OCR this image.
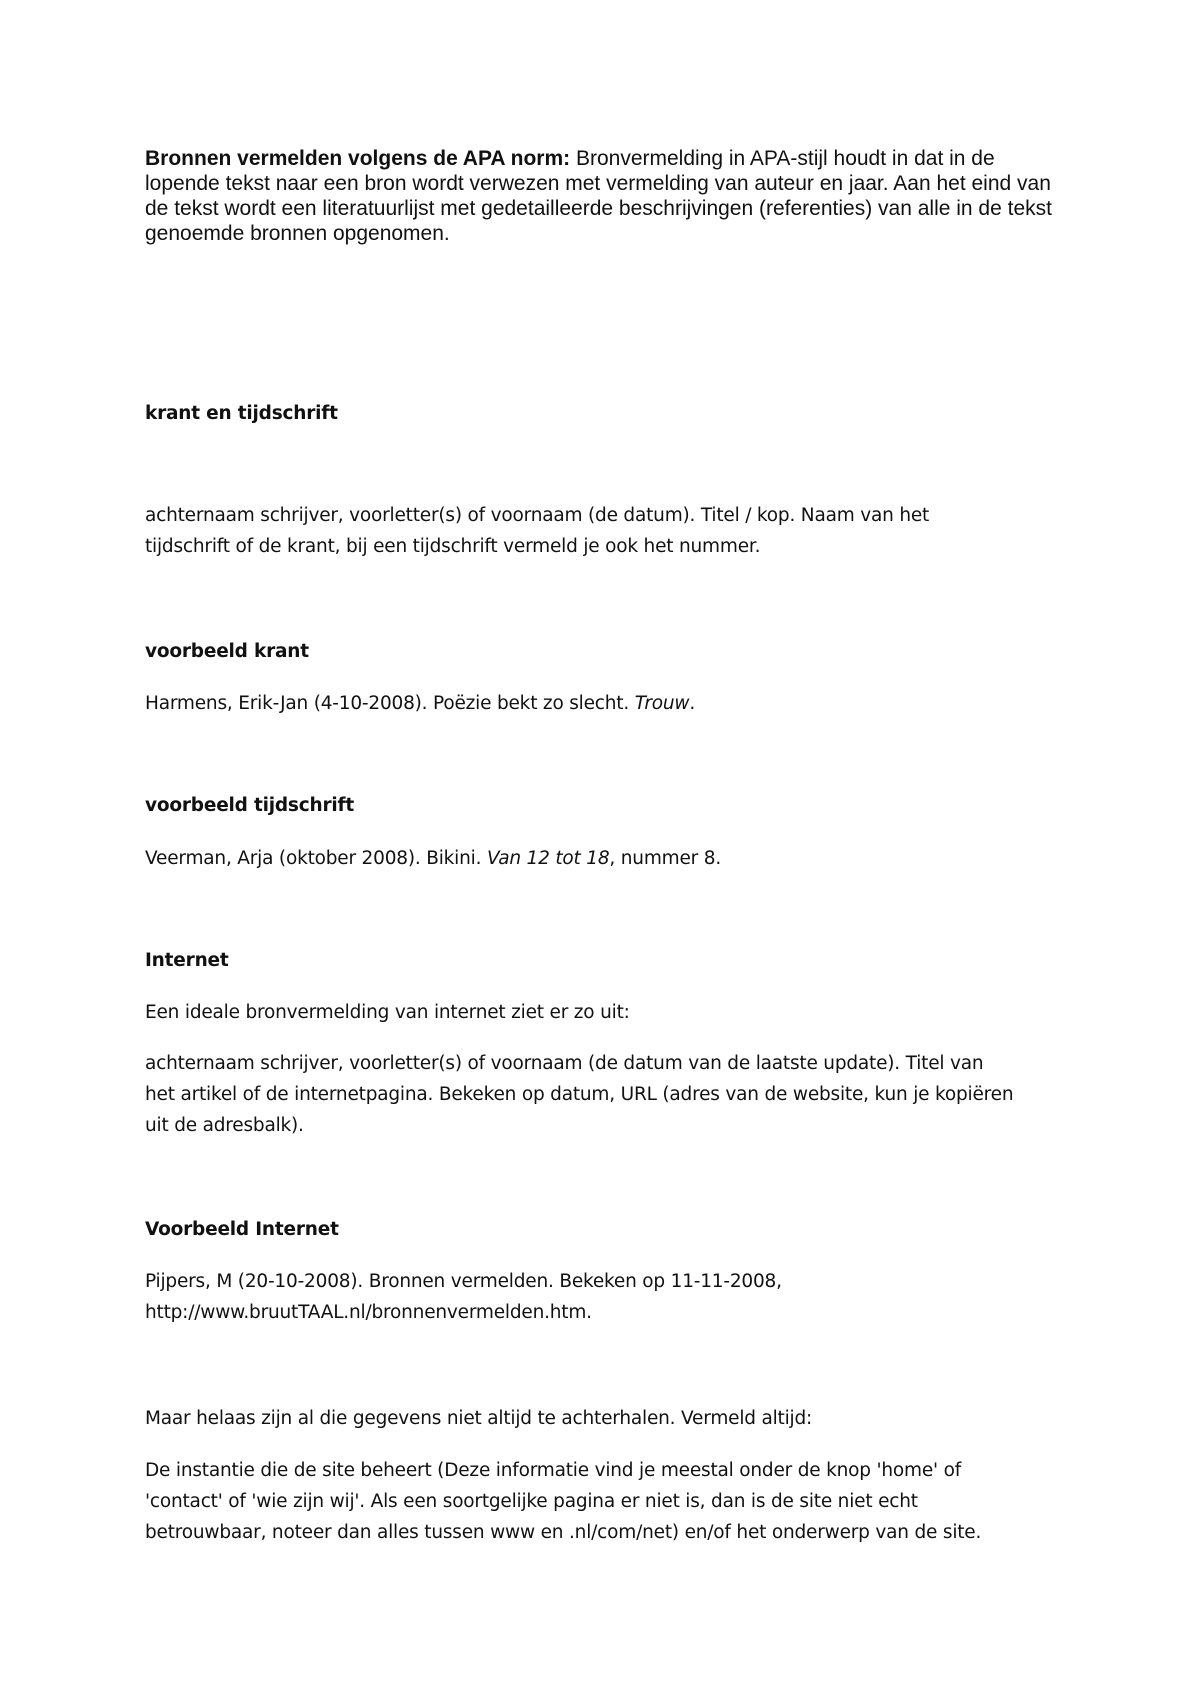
Bronnen vermelden volgens de APA norm: Bronvermelding in APA-stijl houdt in dat in de lopende tekst naar een bron wordt verwezen met vermelding van auteur en jaar. Aan het eind van de tekst wordt een literatuurlijst met gedetailleerde beschrijvingen (referenties) van alle in de tekst genoemde bronnen opgenomen.

krant en tijdschrift

achternaam schrijver, voorletter(s) of voornaam (de datum). Titel / kop. Naam van het tijdschrift of de krant, bij een tijdschrift vermeld je ook het nummer.

voorbeeld krant

Harmens, Erik-Jan (4-10-2008). Poëzie bekt zo slecht. Trouw.

voorbeeld tijdschrift

Veerman, Arja (oktober 2008). Bikini. Van 12 tot 18, nummer 8.

Internet

Een ideale bronvermelding van internet ziet er zo uit:

achternaam schrijver, voorletter(s) of voornaam (de datum van de laatste update). Titel van het artikel of de internetpagina. Bekeken op datum, URL (adres van de website, kun je kopiëren uit de adresbalk).

Voorbeeld Internet

Pijpers, M (20-10-2008). Bronnen vermelden. Bekeken op 11-11-2008,

http://www.bruutTAAL.nl/bronnenvermelden.htm.

Maar helaas zijn al die gegevens niet altijd te achterhalen. Vermeld altijd:

De instantie die de site beheert (Deze informatie vind je meestal onder de knop 'home' of

'contact' of 'wie zijn wij'. Als een soortgelijke pagina er niet is, dan is de site niet echt

betrouwbaar, noteer dan alles tussen www en .nl/com/net) en/of het onderwerp van de site.
